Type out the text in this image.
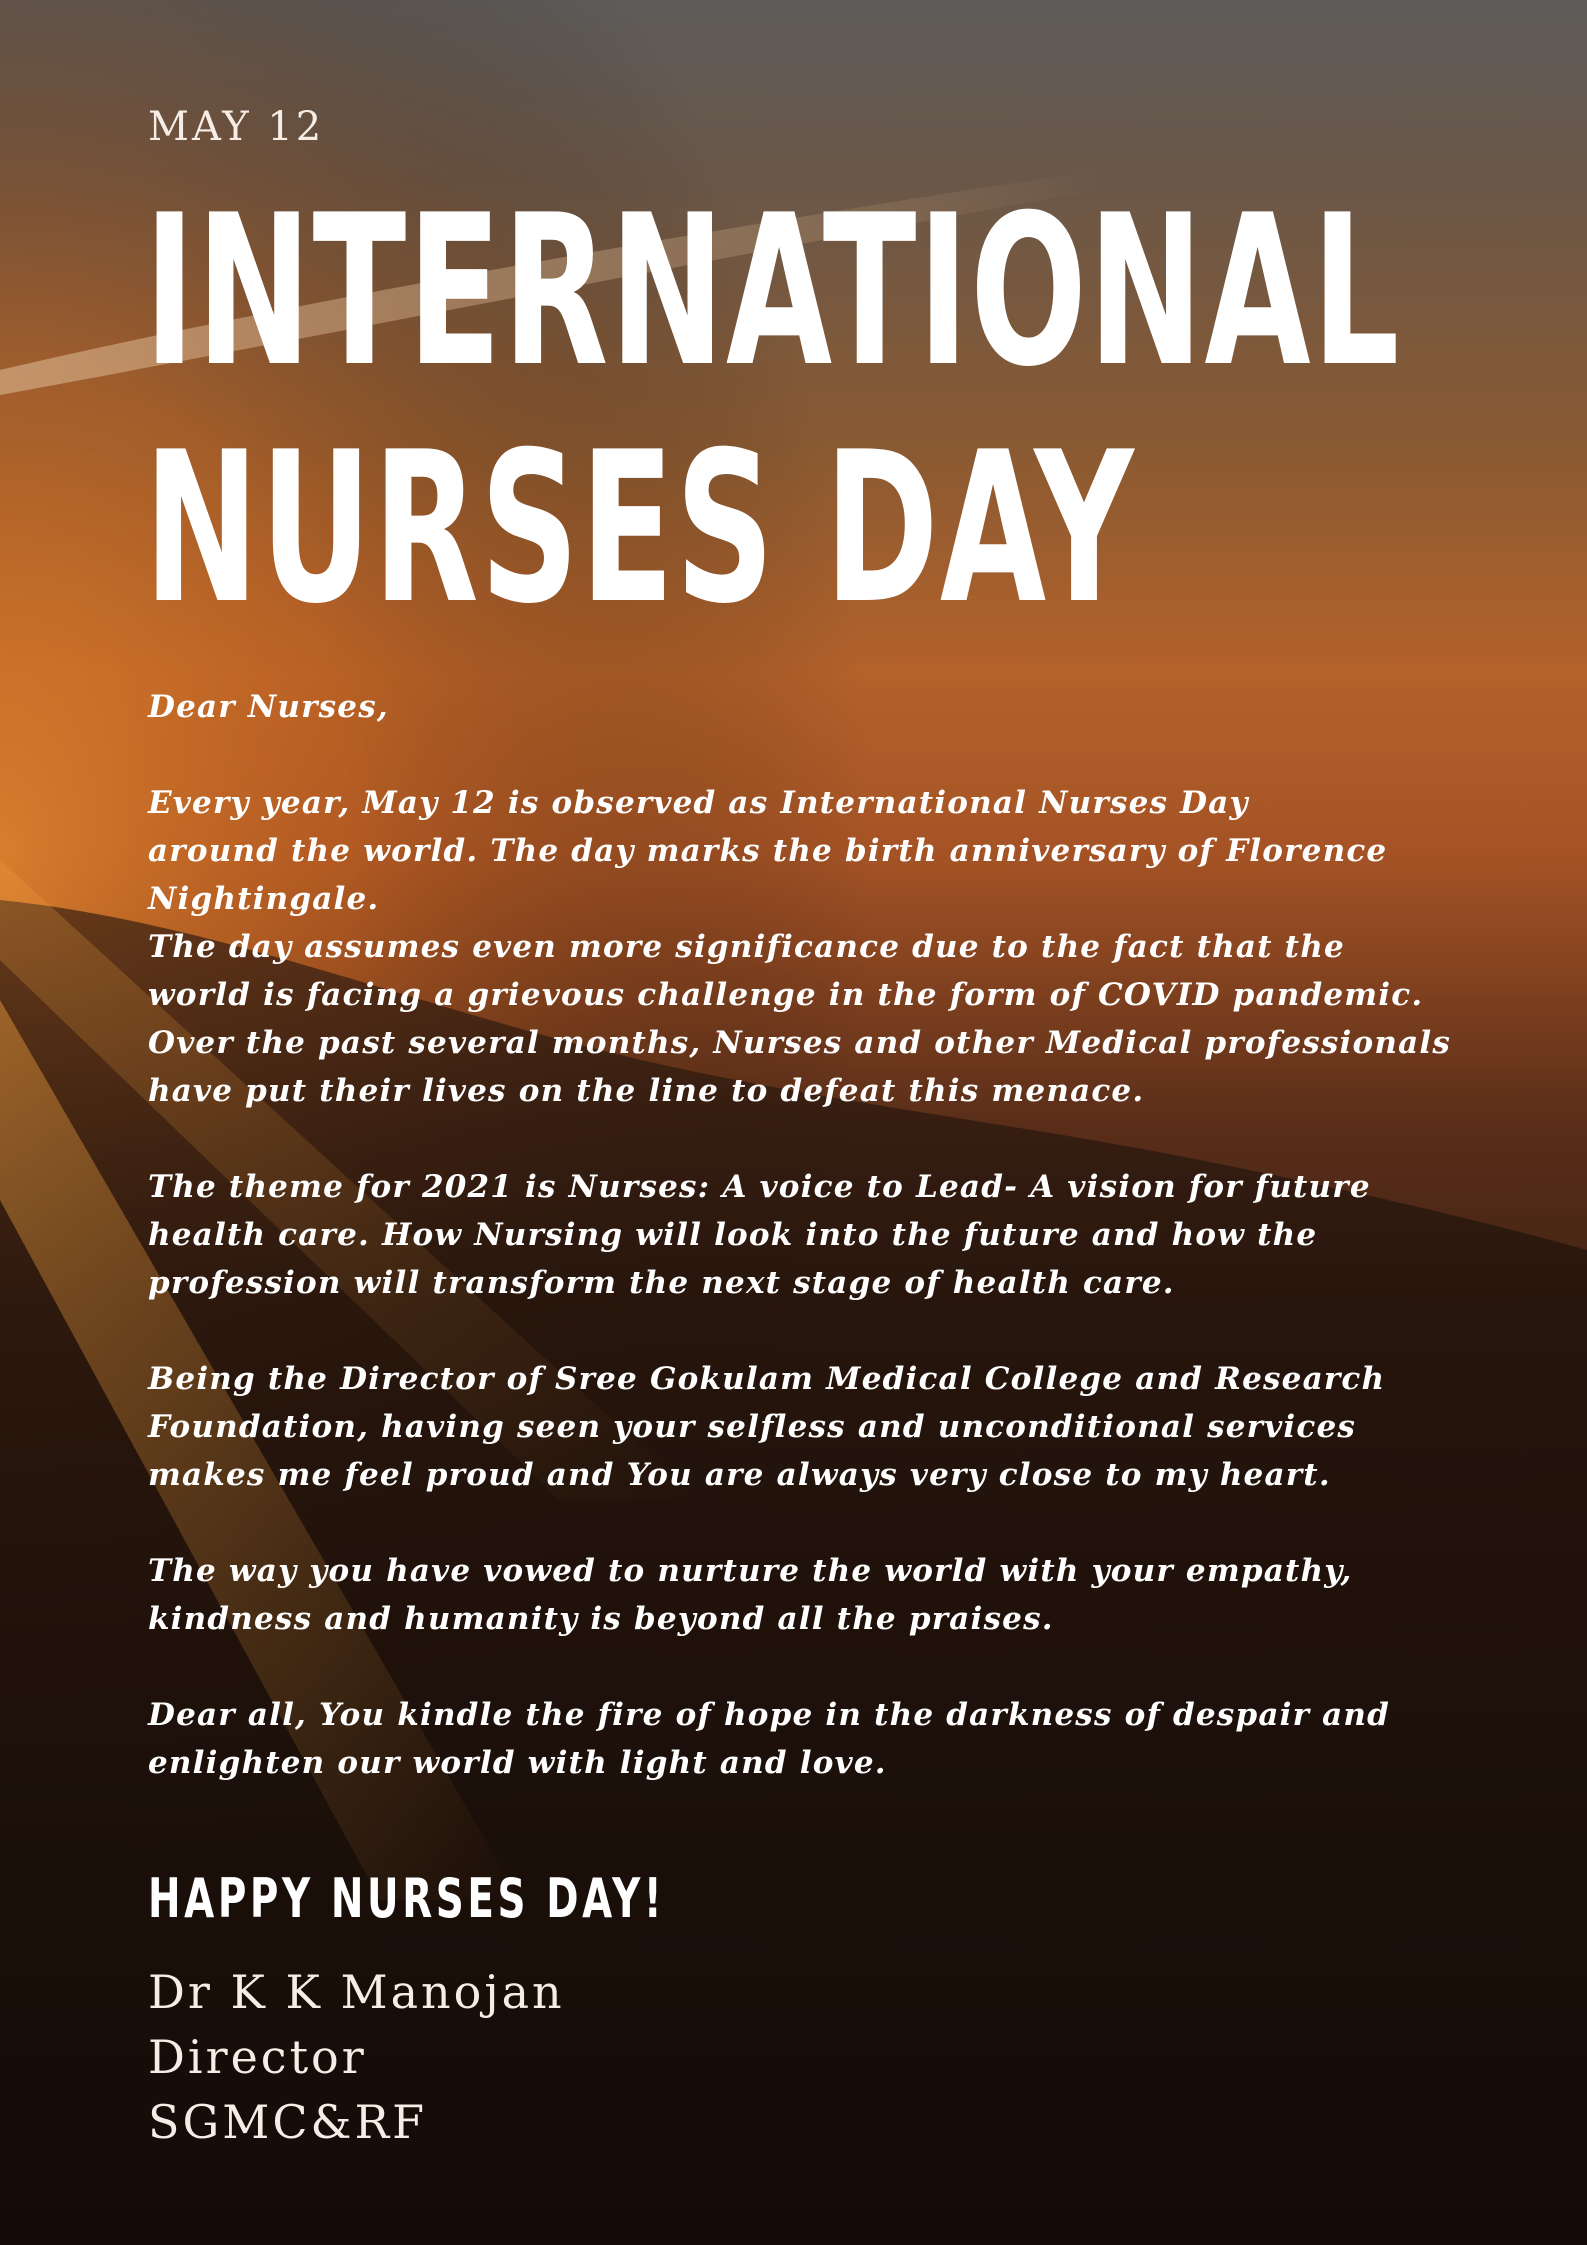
MAY 12
INTERNATIONAL
NURSES DAY

Dear Nurses,

Every year, May 12 is observed as International Nurses Day

around the world. The day marks the birth anniversary of Florence

Nightingale.

The day assumes even more significance due to the fact that the

world is facing a grievous challenge in the form of COVID pandemic.

Over the past several months, Nurses and other Medical professionals

have put their lives on the line to defeat this menace.

The theme for 2021 is Nurses: A voice to Lead- A vision for future

health care. How Nursing will look into the future and how the

profession will transform the next stage of health care.

Being the Director of Sree Gokulam Medical College and Research

Foundation, having seen your selfless and unconditional services

makes me feel proud and You are always very close to my heart.

The way you have vowed to nurture the world with your empathy,

kindness and humanity is beyond all the praises.

Dear all, You kindle the fire of hope in the darkness of despair and

enlighten our world with light and love.

HAPPY NURSES DAY!
Dr K K Manojan
Director
SGMC&RF
